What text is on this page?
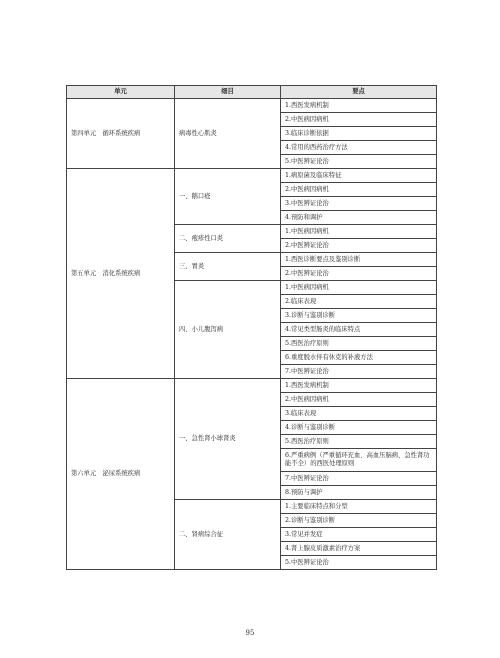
单元	细目	要点
第四单元　循环系统疾病	病毒性心肌炎	1.西医发病机制
		2.中医病因病机
		3.临床诊断依据
		4.常用的西药治疗方法
		5.中医辨证论治
第五单元　消化系统疾病	一、鹅口疮	1.病原菌及临床特征
		2.中医病因病机
		3.中医辨证论治
		4.预防和调护
	二、疱疹性口炎	1.中医病因病机
		2.中医辨证论治
	三、胃炎	1.西医诊断要点及鉴别诊断
		2.中医辨证论治
	四、小儿腹泻病	1.中医病因病机
		2.临床表现
		3.诊断与鉴别诊断
		4.常见类型肠炎的临床特点
		5.西医治疗原则
		6.重度脱水伴有休克的补液方法
		7.中医辨证论治
第六单元　泌尿系统疾病	一、急性肾小球肾炎	1.西医发病机制
		2.中医病因病机
		3.临床表现
		4.诊断与鉴别诊断
		5.西医治疗原则
		6.严重病例（严重循环充血、高血压脑病、急性肾功能不全）的西医处理原则
		7.中医辨证论治
		8.预防与调护
	二、肾病综合征	1.主要临床特点和分型
		2.诊断与鉴别诊断
		3.常见并发症
		4.肾上腺皮质激素治疗方案
		5.中医辨证论治
95
